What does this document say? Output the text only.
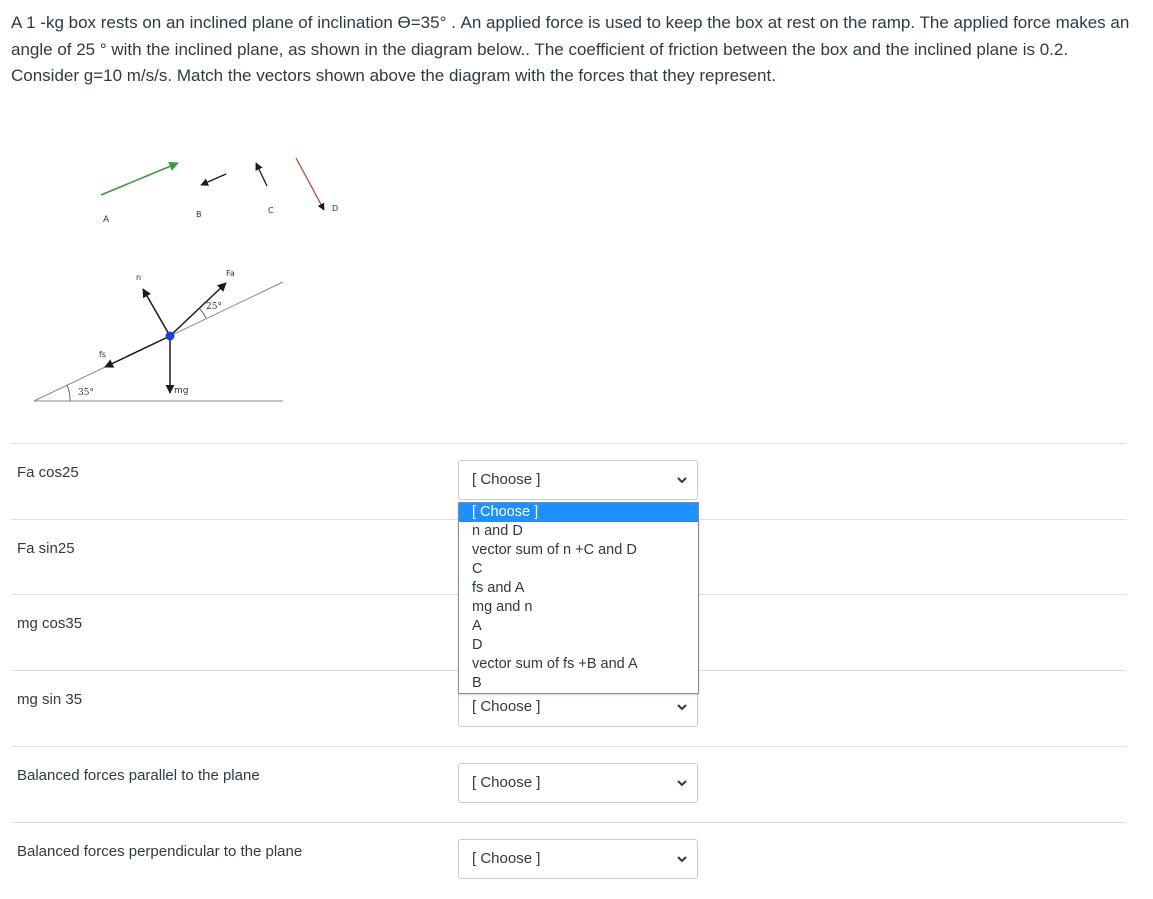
A 1 -kg box rests on an inclined plane of inclination ϴ=35° . An applied force is used to keep the box at rest on the ramp. The applied force makes an angle of 25 ° with the inclined plane, as shown in the diagram below.. The coefficient of friction between the box and the inclined plane is 0.2. Consider g=10 m/s/s. Match the vectors shown above the diagram with the forces that they represent.
A
B	C	D
35°
n	Fa
25°
fs
mg
Fa cos25	[ Choose ]
Fa sin25
mg cos35
mg sin 35	[ Choose ]
Balanced forces parallel to the plane	[ Choose ]
Balanced forces perpendicular to the plane	[ Choose ]
[ Choose ]
n and D
vector sum of n +C and D
C
fs and A
mg and n
A
D
vector sum of fs +B and A
B
